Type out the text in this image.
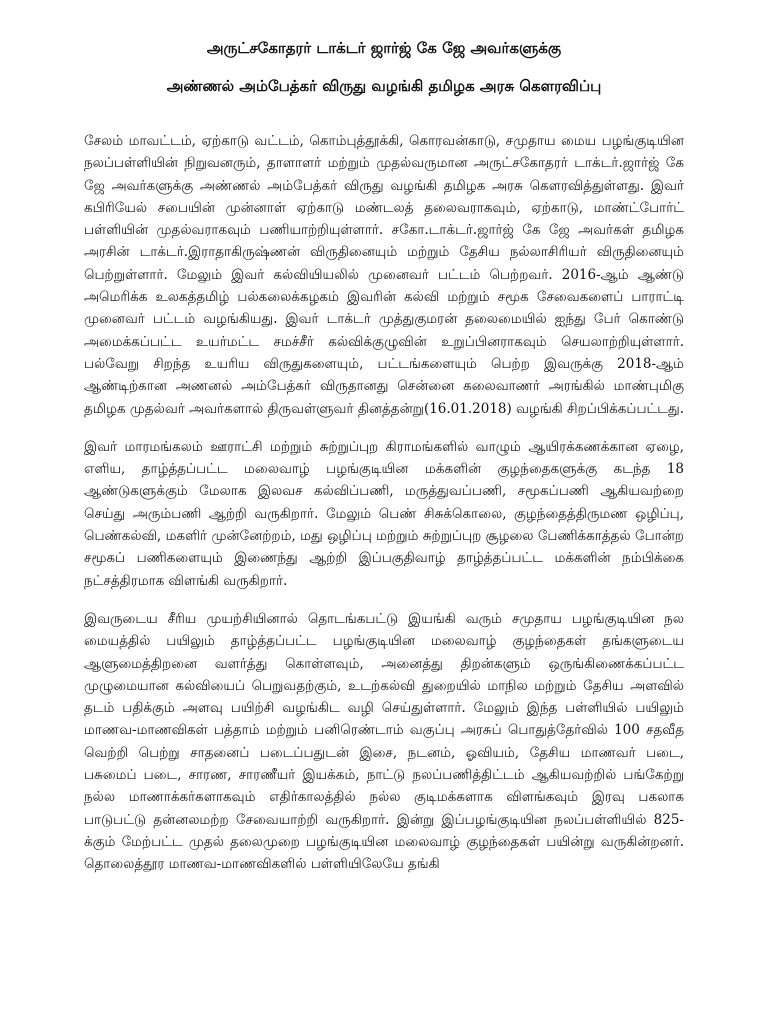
அருட்சகோதரர் டாக்டர் ஜார்ஜ் கே ஜே அவர்களுக்கு
அண்ணல் அம்பேத்கர் விருது வழங்கி தமிழக அரசு கௌரவிப்பு

சேலம் மாவட்டம், ஏற்காடு வட்டம், கொம்புத்தூக்கி, கொரவன்காடு, சமுதாய மைய பழங்குடியின நலப்பள்ளியின் நிறுவனரும், தாளாளர் மற்றும் முதல்வருமான அருட்சகோதரர் டாக்டர்.ஜார்ஜ் கே ஜே அவர்களுக்கு அண்ணல் அம்பேத்கர் விருது வழங்கி தமிழக அரசு கௌரவித்துள்ளது. இவர் கபிரியேல் சபையின் முன்னாள் ஏற்காடு மண்டலத் தலைவராகவும், ஏற்காடு, மாண்ட்போர்ட் பள்ளியின் முதல்வராகவும் பணியாற்றியுள்ளார். சகோ.டாக்டர்.ஜார்ஜ் கே ஜே அவர்கள் தமிழக அரசின் டாக்டர்.இராதாகிருஷ்ணன் விருதினையும் மற்றும் தேசிய நல்லாசிரியர் விருதினையும் பெற்றுள்ளார். மேலும் இவர் கல்வியியலில் முனைவர் பட்டம் பெற்றவர். 2016-ஆம் ஆண்டு அமெரிக்க உலகத்தமிழ் பல்கலைக்கழகம் இவரின் கல்வி மற்றும் சமூக சேவைகளைப் பாராட்டி முனைவர் பட்டம் வழங்கியது. இவர் டாக்டர் முத்துகுமரன் தலைமையில் ஐந்து பேர் கொண்டு அமைக்கப்பட்ட உயர்மட்ட சமச்சீர் கல்விக்குழுவின் உறுப்பினராகவும் செயலாற்றியுள்ளார். பல்வேறு சிறந்த உயரிய விருதுகளையும், பட்டங்களையும் பெற்ற இவருக்கு 2018-ஆம் ஆண்டிற்கான அணனல் அம்பேத்கர் விருதானது சென்னை கலைவாணர் அரங்கில் மாண்புமிகு தமிழக முதல்வர் அவர்களால் திருவள்ளுவர் தினத்தன்று(16.01.2018) வழங்கி சிறப்பிக்கப்பட்டது.

இவர் மாரமங்கலம் ஊராட்சி மற்றும் சுற்றுப்புற கிராமங்களில் வாழும் ஆயிரக்கணக்கான ஏழை, எளிய, தாழ்த்தப்பட்ட மலைவாழ் பழங்குடியின மக்களின் குழந்தைகளுக்கு கடந்த 18 ஆண்டுகளுக்கும் மேலாக இலவச கல்விப்பணி, மருத்துவப்பணி, சமூகப்பணி ஆகியவற்றை செய்து அரும்பணி ஆற்றி வருகிறார். மேலும் பெண் சிசுக்கொலை, குழந்தைத்திருமண ஒழிப்பு, பெண்கல்வி, மகளிர் முன்னேற்றம், மது ஒழிப்பு மற்றும் சுற்றுப்புற சூழலை பேணிக்காத்தல் போன்ற சமூகப் பணிகளையும் இணைந்து ஆற்றி இப்பகுதிவாழ் தாழ்த்தப்பட்ட மக்களின் நம்பிக்கை நட்சத்திரமாக விளங்கி வருகிறார்.

இவருடைய சீரிய முயற்சியினால் தொடங்கபட்டு இயங்கி வரும் சமுதாய பழங்குடியின நல மையத்தில் பயிலும் தாழ்த்தப்பட்ட பழங்குடியின மலைவாழ் குழந்தைகள் தங்களுடைய ஆளுமைத்திறனை வளர்த்து கொள்ளவும், அனைத்து திறன்களும் ஒருங்கிணைக்கப்பட்ட முழுமையான கல்வியைப் பெறுவதற்கும், உடற்கல்வி துறையில் மாநில மற்றும் தேசிய அளவில் தடம் பதிக்கும் அளவு பயிற்சி வழங்கிட வழி செய்துள்ளார். மேலும் இந்த பள்ளியில் பயிலும் மாணவ-மாணவிகள் பத்தாம் மற்றும் பனிரெண்டாம் வகுப்பு அரசுப் பொதுத்தேர்வில் 100 சதவீத வெற்றி பெற்று சாதனைப் படைப்பதுடன் இசை, நடனம், ஓவியம், தேசிய மாணவர் படை, பசுமைப் படை, சாரண, சாரணீயர் இயக்கம், நாட்டு நலப்பணித்திட்டம் ஆகியவற்றில் பங்கேற்று நல்ல மாணாக்கர்களாகவும் எதிர்காலத்தில் நல்ல குடிமக்களாக விளங்கவும் இரவு பகலாக பாடுபட்டு தன்னலமற்ற சேவையாற்றி வருகிறார். இன்று இப்பழங்குடியின நலப்பள்ளியில் 825-க்கும் மேற்பட்ட முதல் தலைமுறை பழங்குடியின மலைவாழ் குழந்தைகள் பயின்று வருகின்றனர். தொலைத்தூர மாணவ-மாணவிகளில் பள்ளியிலேயே தங்கி
